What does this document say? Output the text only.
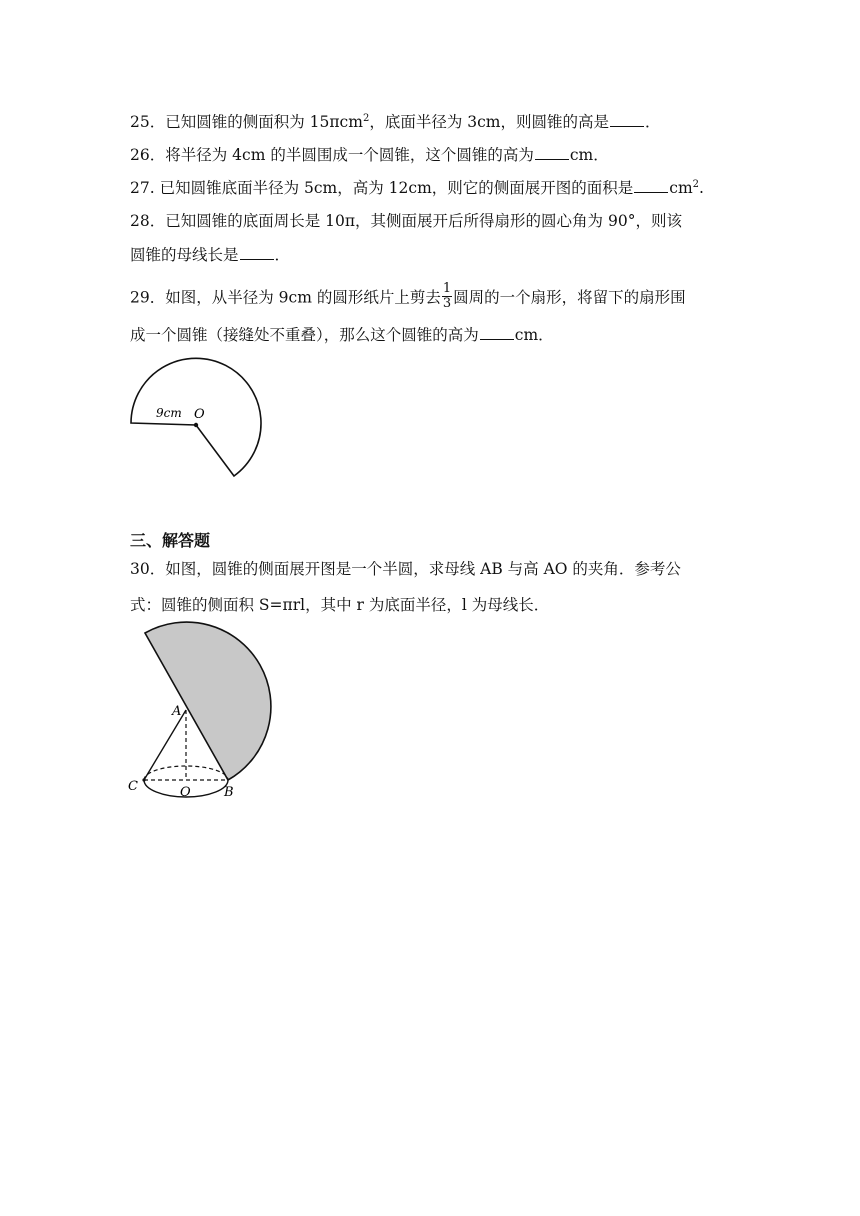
25．已知圆锥的侧面积为 15πcm$^2$，底面半径为 3cm，则圆锥的高是 ．
26．将半径为 4cm 的半圆围成一个圆锥，这个圆锥的高为 cm．
27. 已知圆锥底面半径为 5cm，高为 12cm，则它的侧面展开图的面积是 $cm^2$.
28．已知圆锥的底面周长是 10π，其侧面展开后所得扇形的圆心角为 90°，则该
圆锥的母线长是 ．
29．如图，从半径为 9cm 的圆形纸片上剪去 $\frac{1}{3}$ 圆周的一个扇形，将留下的扇形围
成一个圆锥（接缝处不重叠），那么这个圆锥的高为 cm．
9cm O
三、解答题
30．如图，圆锥的侧面展开图是一个半圆，求母线 AB 与高 AO 的夹角．参考公
式：圆锥的侧面积 S=πrl，其中 r 为底面半径，l 为母线长．
A
C	O	B
